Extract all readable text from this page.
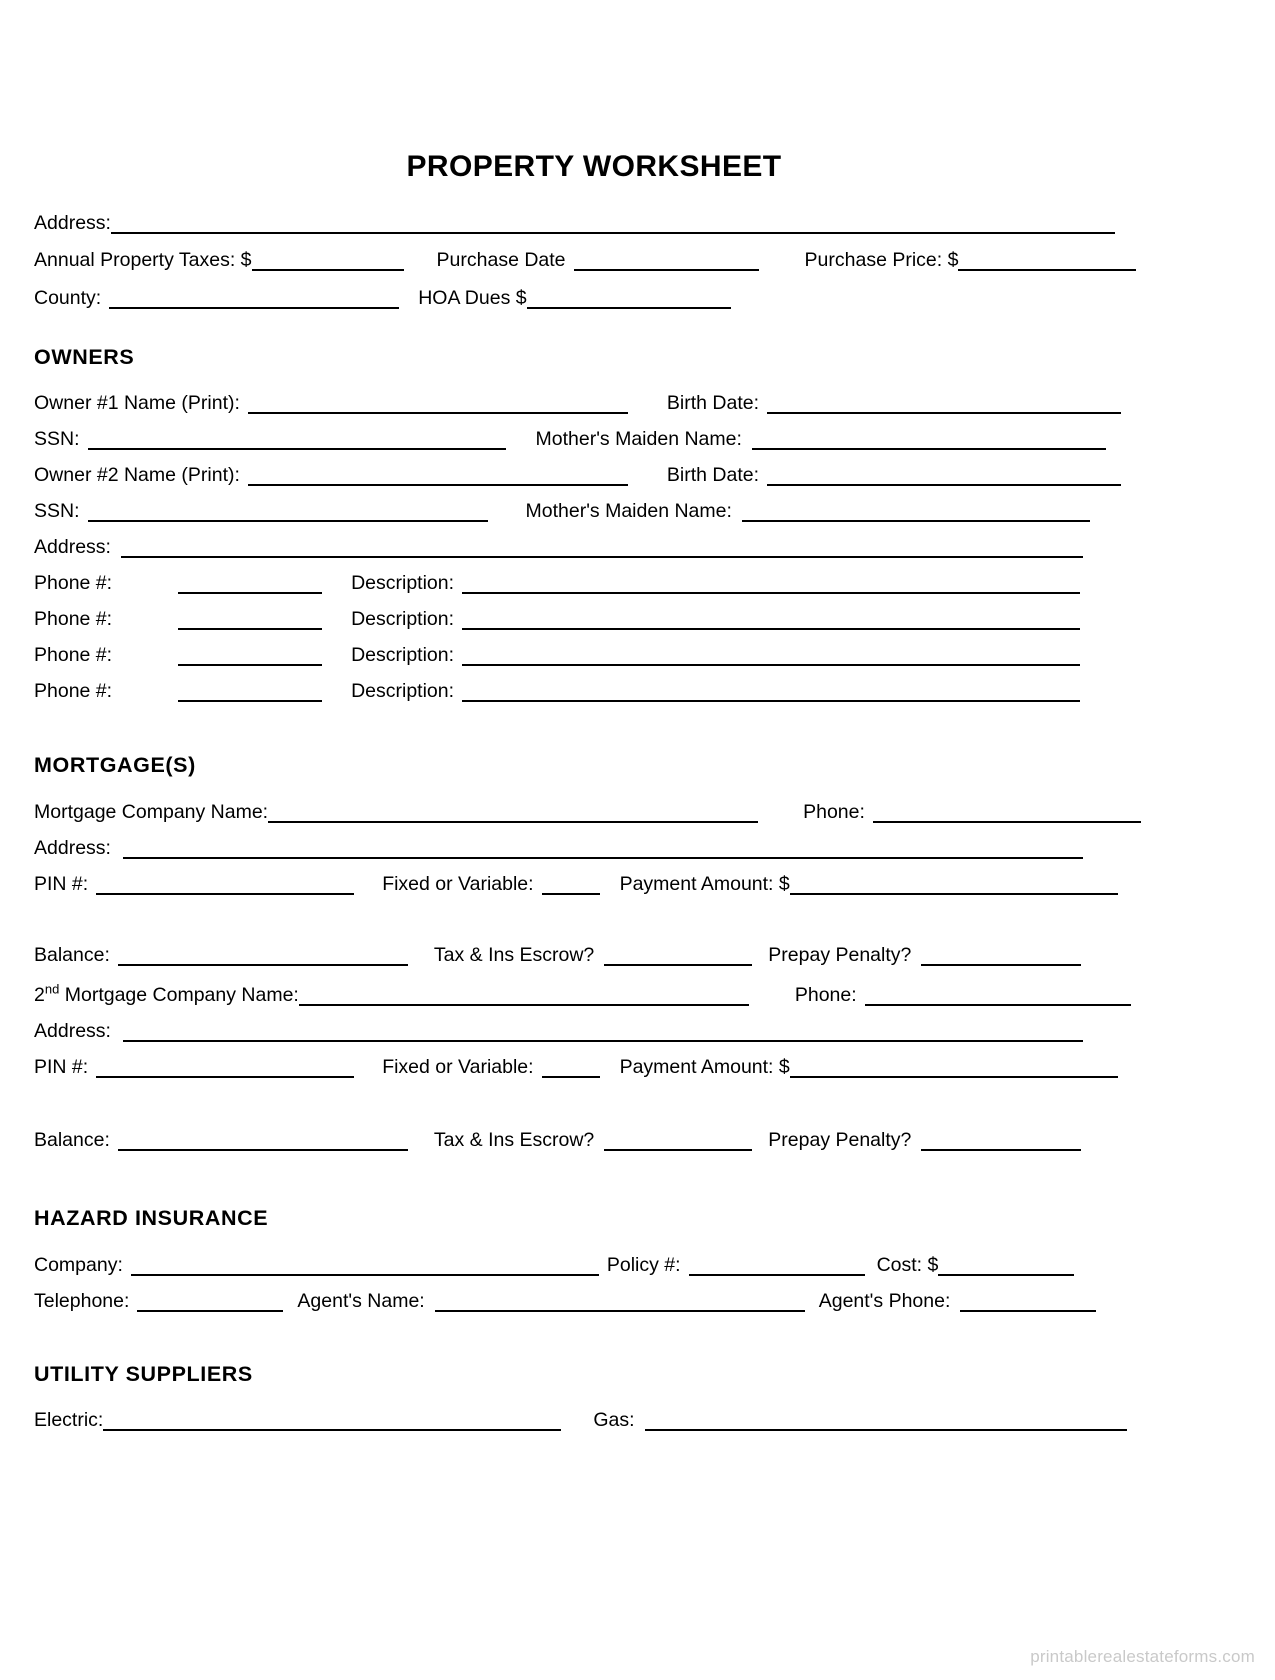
PROPERTY WORKSHEET
Address:
Annual Property Taxes: $	Purchase Date	Purchase Price: $
County:	HOA Dues $
OWNERS
Owner #1 Name (Print):	Birth Date:
SSN:	Mother's Maiden Name:
Owner #2 Name (Print):	Birth Date:
SSN:	Mother's Maiden Name:
Address:
Phone #:	Description:
Phone #:	Description:
Phone #:	Description:
Phone #:	Description:
MORTGAGE(S)
Mortgage Company Name:	Phone:
Address:
PIN #:	Fixed or Variable:	Payment Amount: $
Balance:	Tax & Ins Escrow?	Prepay Penalty?
2nd Mortgage Company Name:	Phone:
Address:
PIN #:	Fixed or Variable:	Payment Amount: $
Balance:	Tax & Ins Escrow?	Prepay Penalty?
HAZARD INSURANCE
Company:	Policy #:	Cost: $
Telephone:	Agent's Name:	Agent's Phone:
UTILITY SUPPLIERS
Electric:	Gas:
printablerealestateforms.com
